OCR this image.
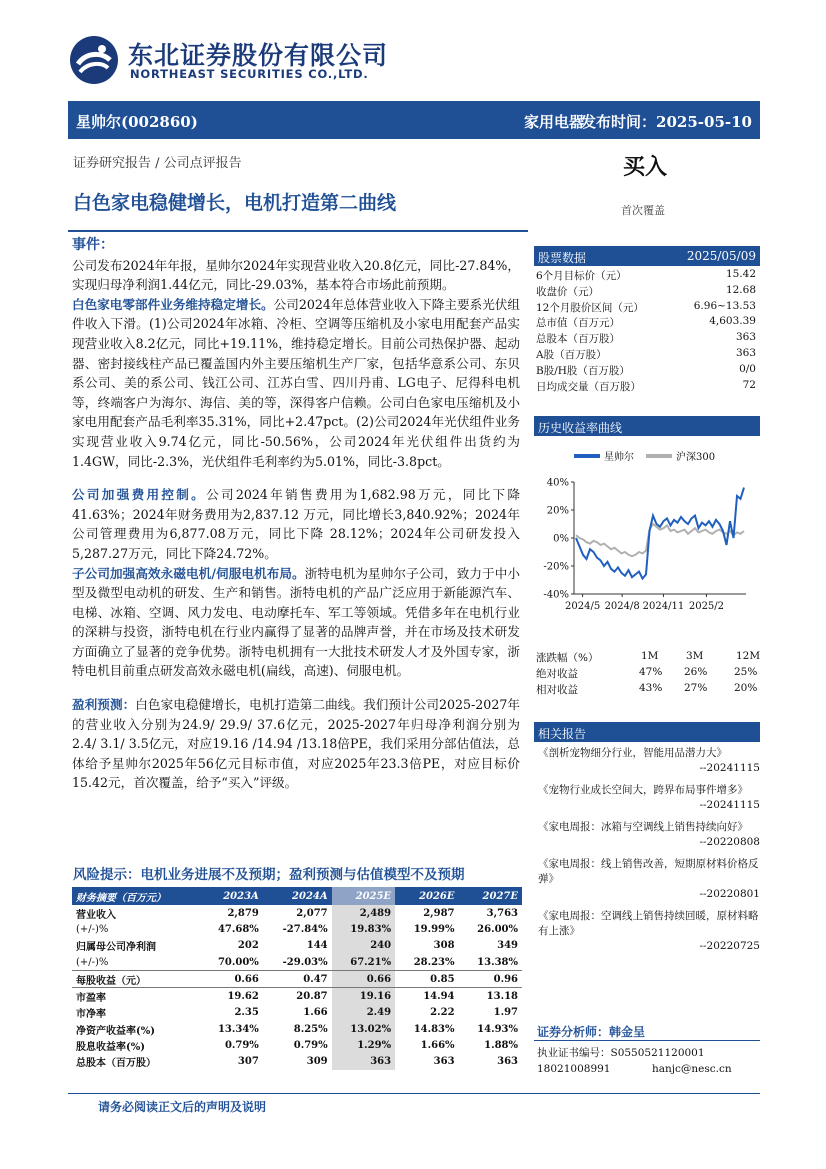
东北证券股份有限公司
NORTHEAST SECURITIES CO.,LTD.
星帅尔(002860)	家用电器
发布时间：2025-05-10
证券研究报告 / 公司点评报告	买入
首次覆盖
白色家电稳健增长，电机打造第二曲线
事件：

公司发布2024年年报，星帅尔2024年实现营业收入20.8亿元，同比-27.84%，实现归母净利润1.44亿元，同比-29.03%，基本符合市场此前预期。

白色家电零部件业务维持稳定增长。公司2024年总体营业收入下降主要系光伏组件收入下滑。(1)公司2024年冰箱、冷柜、空调等压缩机及小家电用配套产品实现营业收入8.2亿元，同比+19.11%，维持稳定增长。目前公司热保护器、起动器、密封接线柱产品已覆盖国内外主要压缩机生产厂家，包括华意系公司、东贝系公司、美的系公司、钱江公司、江苏白雪、四川丹甫、LG电子、尼得科电机等，终端客户为海尔、海信、美的等，深得客户信赖。公司白色家电压缩机及小家电用配套产品毛利率35.31%，同比+2.47pct。(2)公司2024年光伏组件业务实现营业收入9.74亿元，同比-50.56%，公司2024年光伏组件出货约为1.4GW，同比-2.3%，光伏组件毛利率约为5.01%，同比-3.8pct。

公司加强费用控制。公司2024年销售费用为1,682.98万元，同比下降41.63%；2024年财务费用为2,837.12 万元，同比增长3,840.92%；2024年公司管理费用为6,877.08万元，同比下降 28.12%；2024年公司研发投入5,287.27万元，同比下降24.72%。

子公司加强高效永磁电机/伺服电机布局。浙特电机为星帅尔子公司，致力于中小型及微型电动机的研发、生产和销售。浙特电机的产品广泛应用于新能源汽车、电梯、冰箱、空调、风力发电、电动摩托车、军工等领域。凭借多年在电机行业的深耕与投资，浙特电机在行业内赢得了显著的品牌声誉，并在市场及技术研发方面确立了显著的竞争优势。浙特电机拥有一大批技术研发人才及外国专家，浙特电机目前重点研发高效永磁电机(扁线，高速)、伺服电机。

盈利预测：白色家电稳健增长，电机打造第二曲线。我们预计公司2025-2027年的营业收入分别为24.9/ 29.9/ 37.6亿元，2025-2027年归母净利润分别为 2.4/ 3.1/ 3.5亿元，对应19.16 /14.94 /13.18倍PE，我们采用分部估值法，总体给予星帅尔2025年56亿元目标市值，对应2025年23.3倍PE，对应目标价15.42元，首次覆盖，给予“买入”评级。

股票数据	2025/05/09
6个月目标价（元）	15.42
收盘价（元）	12.68
12个月股价区间（元）	6.96~13.53
总市值（百万元）	4,603.39
总股本（百万股）	363
A股（百万股）	363
B股/H股（百万股）	0/0
日均成交量（百万股）	72
历史收益率曲线
星帅尔	沪深300
40%
20%
0%
-20%
-40%
2024/5 2024/8 2024/11 2025/2
涨跌幅（%）	1M	3M	12M
绝对收益	47% 26%	25%
相对收益	43% 27%	20%
相关报告

《剖析宠物细分行业，智能用品潜力大》

--20241115

《宠物行业成长空间大，跨界布局事件增多》

--20241115

《家电周报：冰箱与空调线上销售持续向好》

--20220808

《家电周报：线上销售改善，短期原材料价格反弹》

--20220801

《家电周报：空调线上销售持续回暖，原材料略有上涨》

--20220725

证券分析师：韩金呈
执业证书编号：S0550521120001
18021008991	hanjc@nesc.cn
风险提示：电机业务进展不及预期；盈利预测与估值模型不及预期
财务摘要（百万元）	2023A	2024A	2025E	2026E	2027E
营业收入	2,879	2,077	2,489	2,987	3,763
(+/-)%	47.68%	-27.84%	19.83%	19.99%	26.00%
归属母公司净利润	202	144	240	308	349
(+/-)%	70.00%	-29.03%	67.21%	28.23%	13.38%
每股收益（元）	0.66	0.47	0.66	0.85	0.96
市盈率	19.62	20.87	19.16	14.94	13.18
市净率	2.35	1.66	2.49	2.22	1.97
净资产收益率(%)	13.34%	8.25%	13.02%	14.83%	14.93%
股息收益率(%)	0.79%	0.79%	1.29%	1.66%	1.88%
总股本（百万股）	307	309	363	363	363
请务必阅读正文后的声明及说明
